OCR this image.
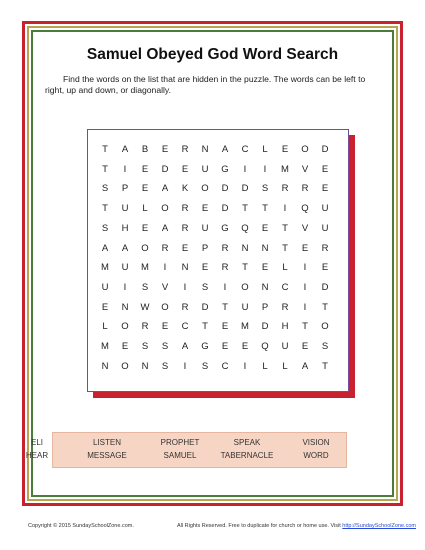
Samuel Obeyed God Word Search
Find the words on the list that are hidden in the puzzle. The words can be left to right, up and down, or diagonally.
T	A	B	E	R	N	A	C	L	E	O	D
T	I	E	D	E	U	G	I	I	M	V	E
S	P	E	A	K	O	D	D	S	R	R	E
T	U	L	O	R	E	D	T	T	I	Q	U
S	H	E	A	R	U	G	Q	E	T	V	U
A	A	O	R	E	P	R	N	N	T	E	R
M	U	M	I	N	E	R	T	E	L	I	E
U	I	S	V	I	S	I	O	N	C	I	D
E	N	W	O	R	D	T	U	P	R	I	T
L	O	R	E	C	T	E	M	D	H	T	O
M	E	S	S	A	G	E	E	Q	U	E	S
N	O	N	S	I	S	C	I	L	L	A	T
ELI	LISTEN	PROPHET	SPEAK	VISION
HEAR	MESSAGE	SAMUEL	TABERNACLE	WORD
Copyright © 2015 SundaySchoolZone.com.	All Rights Reserved. Free to duplicate for church or home use. Visit http://SundaySchoolZone.com
